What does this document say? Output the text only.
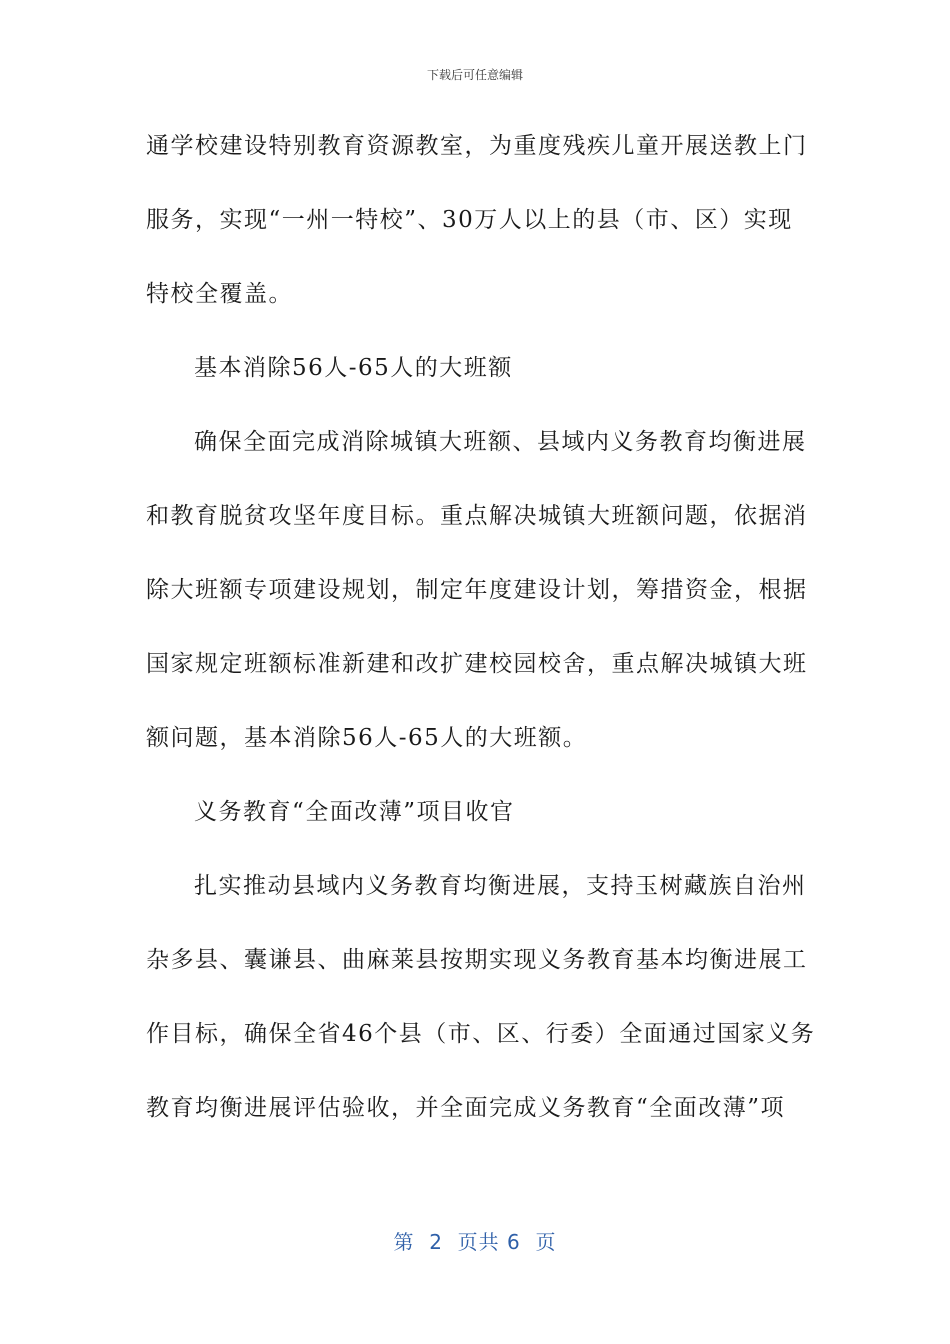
下载后可任意编辑
通学校建设特别教育资源教室，为重度残疾儿童开展送教上门
服务，实现“一州一特校”、30万人以上的县（市、区）实现
特校全覆盖。
基本消除56人-65人的大班额
确保全面完成消除城镇大班额、县域内义务教育均衡进展
和教育脱贫攻坚年度目标。重点解决城镇大班额问题，依据消
除大班额专项建设规划，制定年度建设计划，筹措资金，根据
国家规定班额标准新建和改扩建校园校舍，重点解决城镇大班
额问题，基本消除56人-65人的大班额。
义务教育“全面改薄”项目收官
扎实推动县域内义务教育均衡进展，支持玉树藏族自治州
杂多县、囊谦县、曲麻莱县按期实现义务教育基本均衡进展工
作目标，确保全省46个县（市、区、行委）全面通过国家义务
教育均衡进展评估验收，并全面完成义务教育“全面改薄”项
第  2  页共 6  页
